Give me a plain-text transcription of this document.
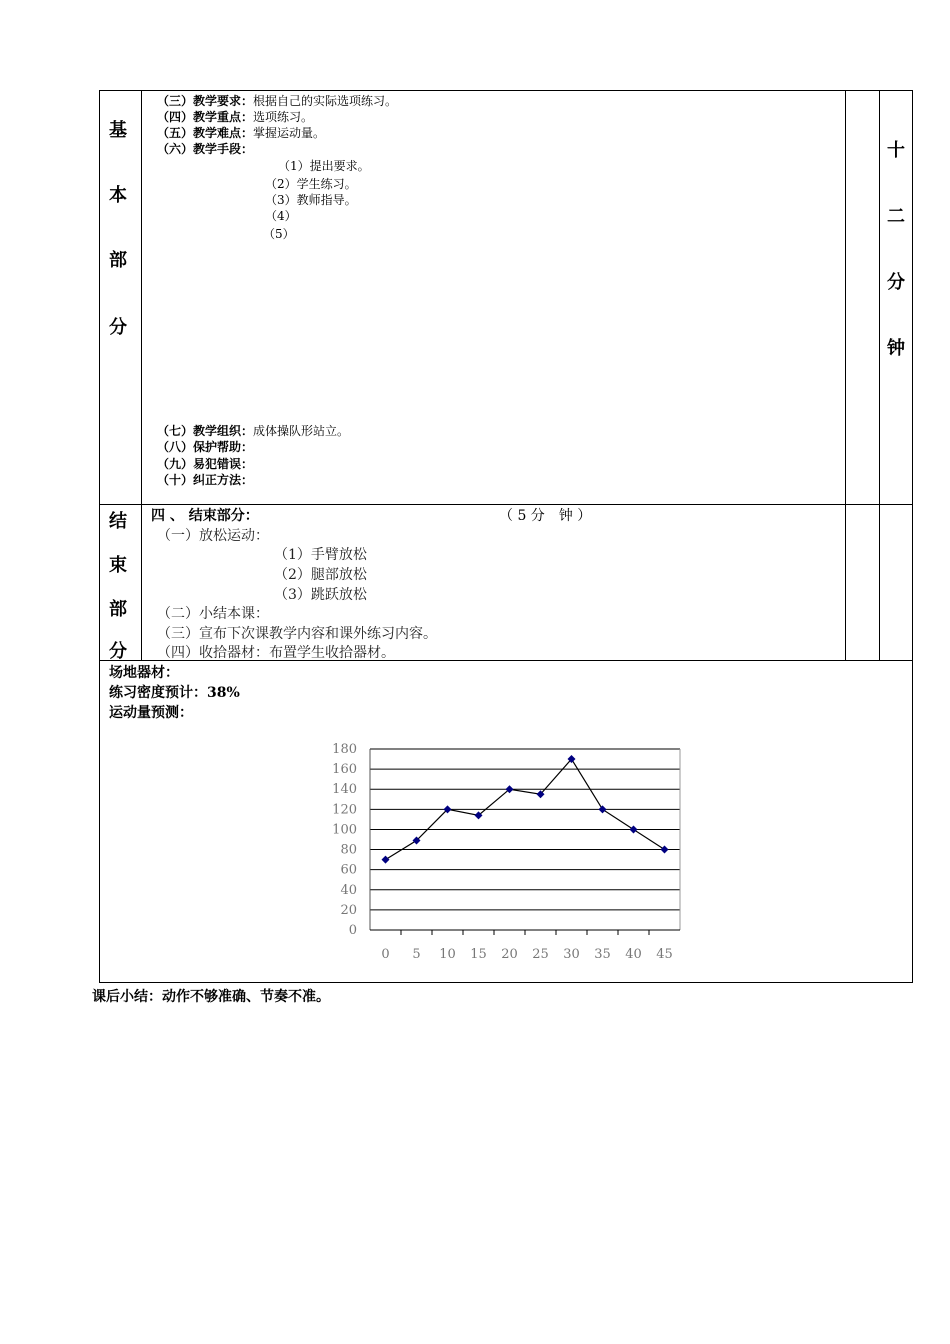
基
本
部
分
十
二
分
钟
（三）教学要求：根据自己的实际选项练习。
（四）教学重点：选项练习。
（五）教学难点：掌握运动量。
（六）教学手段：
（1）提出要求。
（2）学生练习。
（3）教师指导。
（4）
（5）
（七）教学组织：成体操队形站立。
（八）保护帮助：
（九）易犯错误：
（十）纠正方法：
结
束
部
分
四 、 结束部分：	（ 5 分　钟 ）
（一）放松运动：
（1）手臂放松
（2）腿部放松
（3）跳跃放松
（二）小结本课：
（三）宣布下次课教学内容和课外练习内容。
（四）收拾器材：布置学生收拾器材。
场地器材：
练习密度预计：38%
运动量预测：
0
20
40
60
80
100
120
140
160
180
0 5 10 15 20 25 30 35 40 45
课后小结：动作不够准确、节奏不准。
